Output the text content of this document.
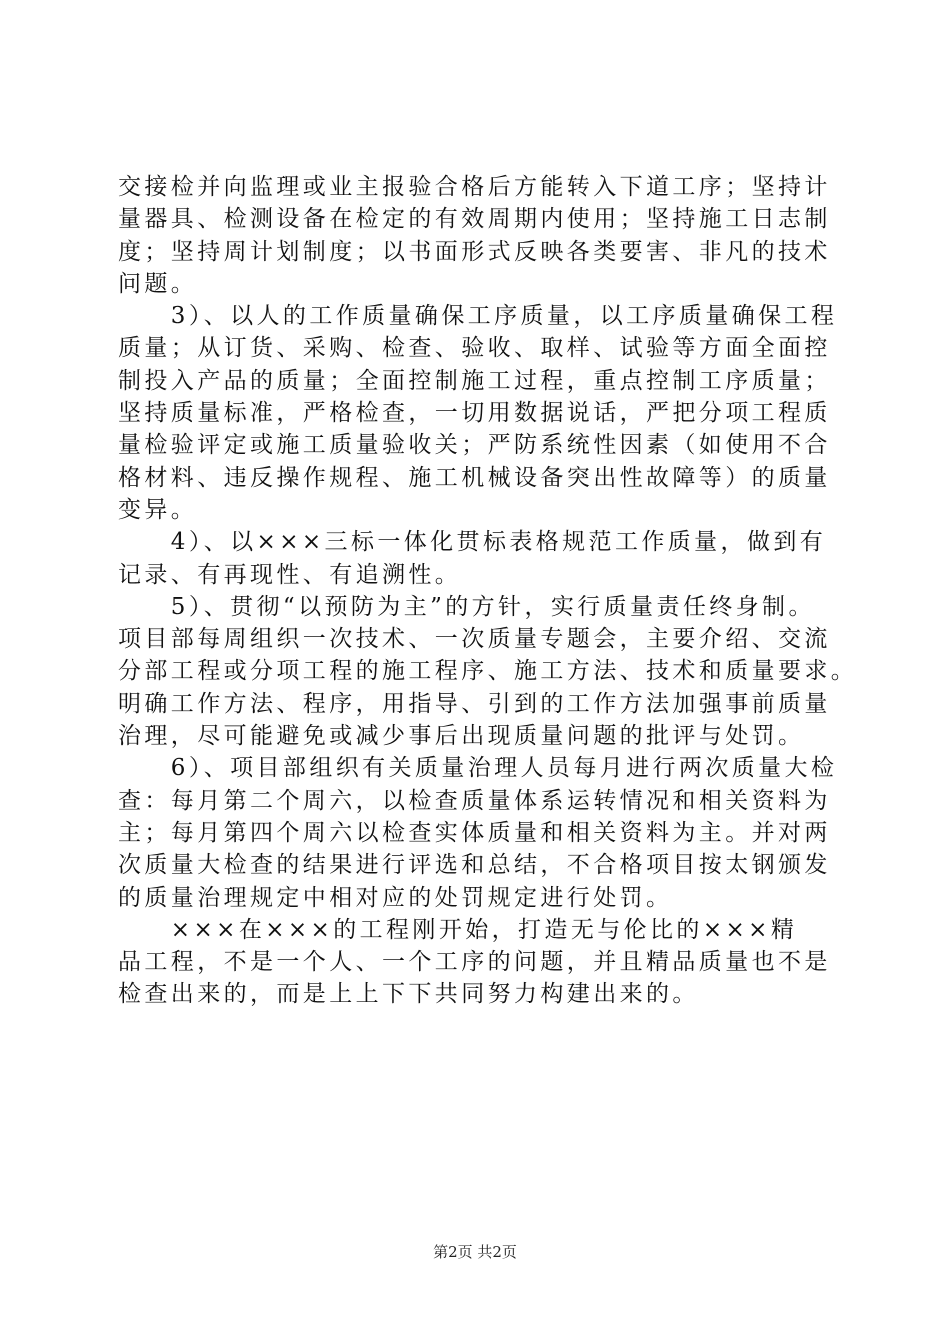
交接检并向监理或业主报验合格后方能转入下道工序；坚持计
量器具、检测设备在检定的有效周期内使用；坚持施工日志制
度；坚持周计划制度；以书面形式反映各类要害、非凡的技术
问题。
　　3）、以人的工作质量确保工序质量，以工序质量确保工程
质量；从订货、采购、检查、验收、取样、试验等方面全面控
制投入产品的质量；全面控制施工过程，重点控制工序质量；
坚持质量标准，严格检查，一切用数据说话，严把分项工程质
量检验评定或施工质量验收关；严防系统性因素（如使用不合
格材料、违反操作规程、施工机械设备突出性故障等）的质量
变异。
　　4）、以×××三标一体化贯标表格规范工作质量，做到有
记录、有再现性、有追溯性。
　　5）、贯彻“以预防为主”的方针，实行质量责任终身制。
项目部每周组织一次技术、一次质量专题会，主要介绍、交流
分部工程或分项工程的施工程序、施工方法、技术和质量要求。
明确工作方法、程序，用指导、引到的工作方法加强事前质量
治理，尽可能避免或减少事后出现质量问题的批评与处罚。
　　6）、项目部组织有关质量治理人员每月进行两次质量大检
查：每月第二个周六，以检查质量体系运转情况和相关资料为
主；每月第四个周六以检查实体质量和相关资料为主。并对两
次质量大检查的结果进行评选和总结，不合格项目按太钢颁发
的质量治理规定中相对应的处罚规定进行处罚。
　　×××在×××的工程刚开始，打造无与伦比的×××精
品工程，不是一个人、一个工序的问题，并且精品质量也不是
检查出来的，而是上上下下共同努力构建出来的。
第2页 共2页
